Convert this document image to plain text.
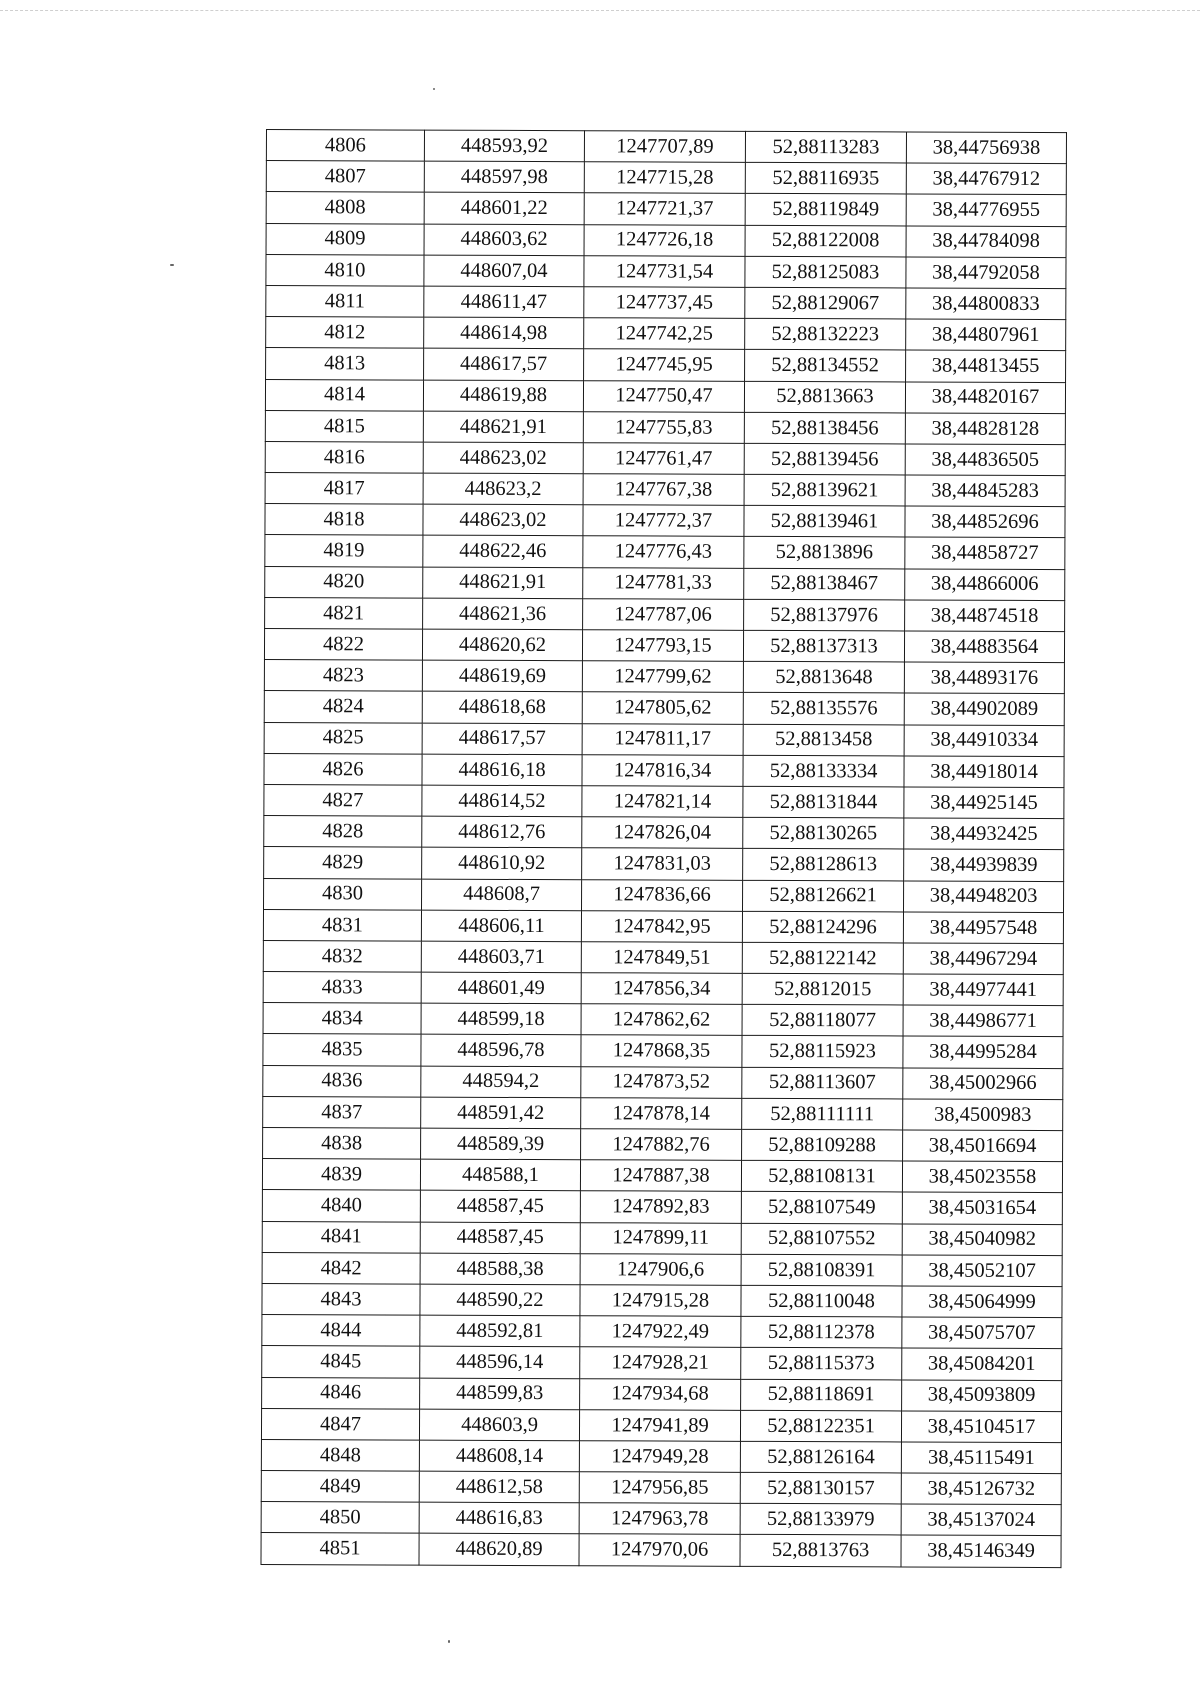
4806	448593,92	1247707,89	52,88113283	38,44756938
4807	448597,98	1247715,28	52,88116935	38,44767912
4808	448601,22	1247721,37	52,88119849	38,44776955
4809	448603,62	1247726,18	52,88122008	38,44784098
4810	448607,04	1247731,54	52,88125083	38,44792058
4811	448611,47	1247737,45	52,88129067	38,44800833
4812	448614,98	1247742,25	52,88132223	38,44807961
4813	448617,57	1247745,95	52,88134552	38,44813455
4814	448619,88	1247750,47	52,8813663	38,44820167
4815	448621,91	1247755,83	52,88138456	38,44828128
4816	448623,02	1247761,47	52,88139456	38,44836505
4817	448623,2	1247767,38	52,88139621	38,44845283
4818	448623,02	1247772,37	52,88139461	38,44852696
4819	448622,46	1247776,43	52,8813896	38,44858727
4820	448621,91	1247781,33	52,88138467	38,44866006
4821	448621,36	1247787,06	52,88137976	38,44874518
4822	448620,62	1247793,15	52,88137313	38,44883564
4823	448619,69	1247799,62	52,8813648	38,44893176
4824	448618,68	1247805,62	52,88135576	38,44902089
4825	448617,57	1247811,17	52,8813458	38,44910334
4826	448616,18	1247816,34	52,88133334	38,44918014
4827	448614,52	1247821,14	52,88131844	38,44925145
4828	448612,76	1247826,04	52,88130265	38,44932425
4829	448610,92	1247831,03	52,88128613	38,44939839
4830	448608,7	1247836,66	52,88126621	38,44948203
4831	448606,11	1247842,95	52,88124296	38,44957548
4832	448603,71	1247849,51	52,88122142	38,44967294
4833	448601,49	1247856,34	52,8812015	38,44977441
4834	448599,18	1247862,62	52,88118077	38,44986771
4835	448596,78	1247868,35	52,88115923	38,44995284
4836	448594,2	1247873,52	52,88113607	38,45002966
4837	448591,42	1247878,14	52,88111111	38,4500983
4838	448589,39	1247882,76	52,88109288	38,45016694
4839	448588,1	1247887,38	52,88108131	38,45023558
4840	448587,45	1247892,83	52,88107549	38,45031654
4841	448587,45	1247899,11	52,88107552	38,45040982
4842	448588,38	1247906,6	52,88108391	38,45052107
4843	448590,22	1247915,28	52,88110048	38,45064999
4844	448592,81	1247922,49	52,88112378	38,45075707
4845	448596,14	1247928,21	52,88115373	38,45084201
4846	448599,83	1247934,68	52,88118691	38,45093809
4847	448603,9	1247941,89	52,88122351	38,45104517
4848	448608,14	1247949,28	52,88126164	38,45115491
4849	448612,58	1247956,85	52,88130157	38,45126732
4850	448616,83	1247963,78	52,88133979	38,45137024
4851	448620,89	1247970,06	52,8813763	38,45146349
